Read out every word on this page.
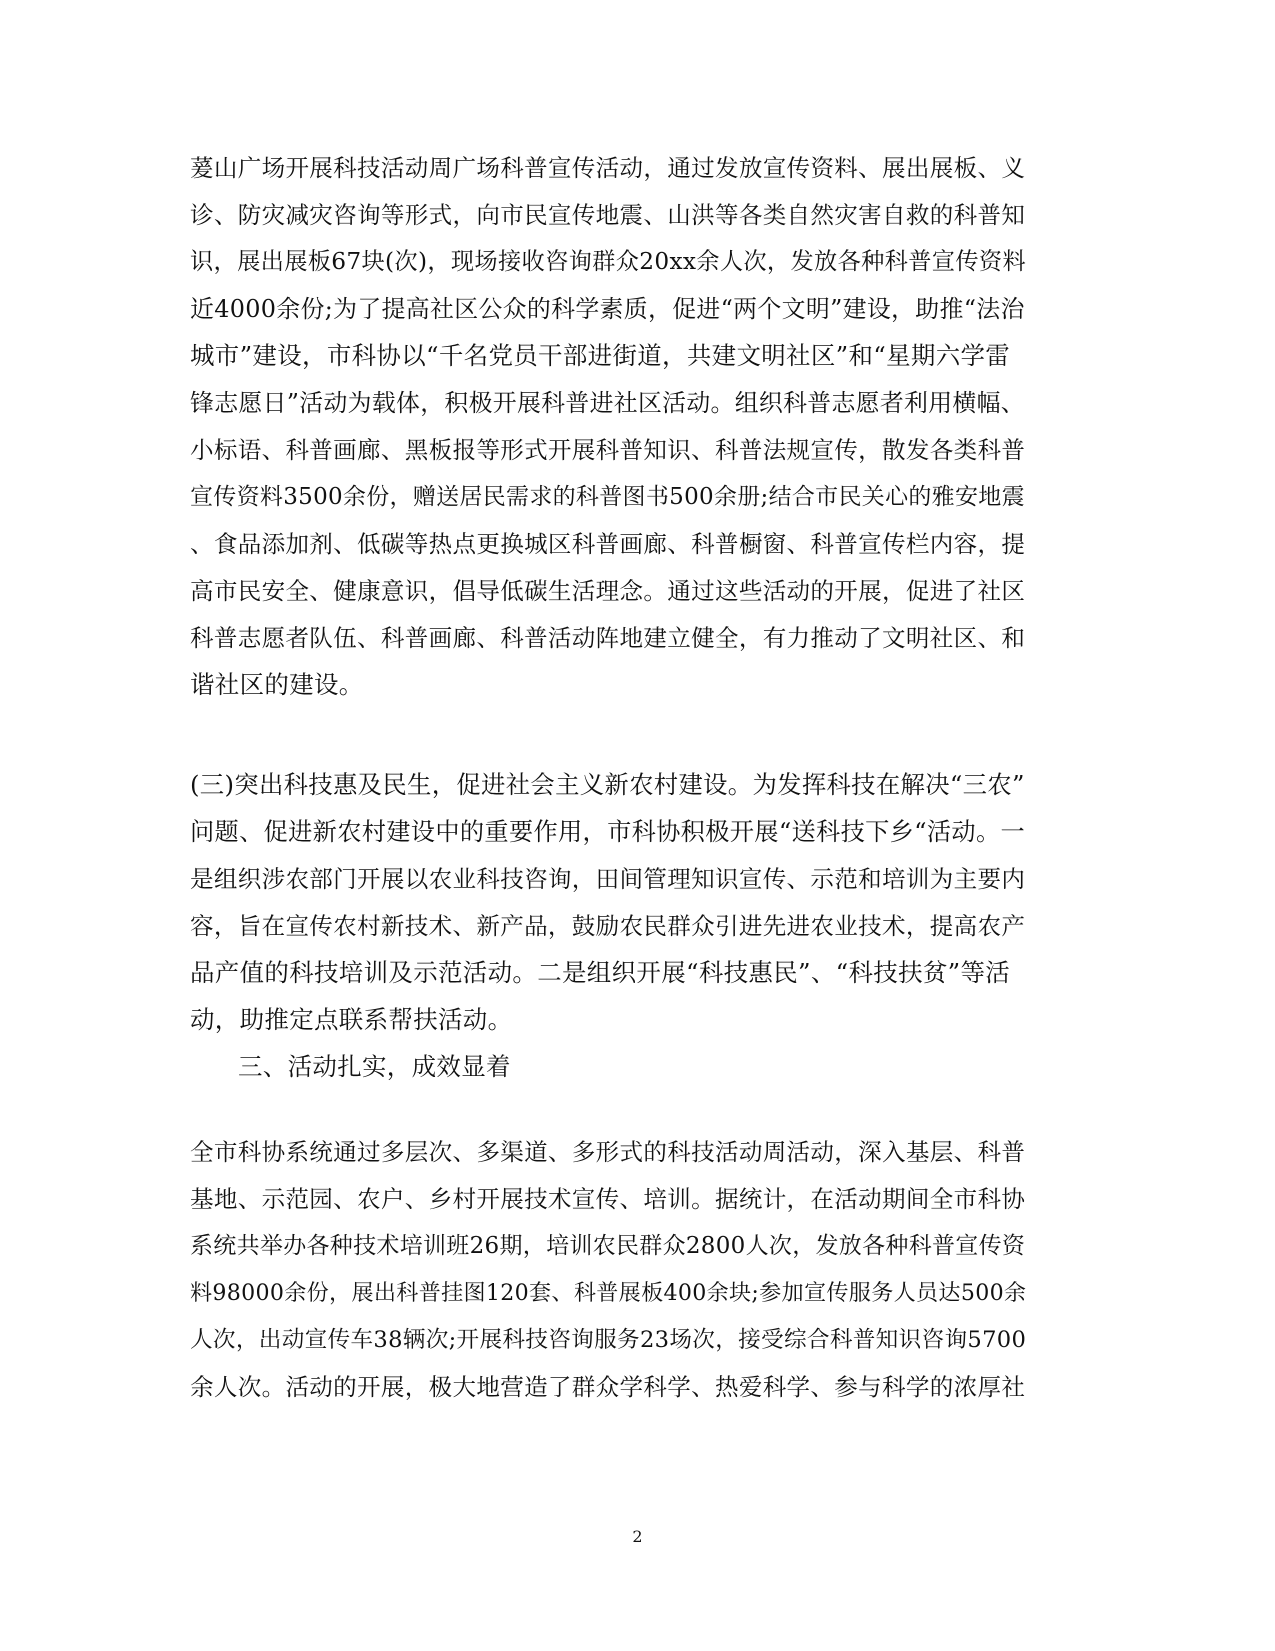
萲山广场开展科技活动周广场科普宣传活动，通过发放宣传资料、展出展板、义
诊、防灾减灾咨询等形式，向市民宣传地震、山洪等各类自然灾害自救的科普知
识，展出展板67块(次)，现场接收咨询群众20xx余人次，发放各种科普宣传资料
近4000余份;为了提高社区公众的科学素质，促进“两个文明”建设，助推“法治
城市”建设，市科协以“千名党员干部进街道，共建文明社区”和“星期六学雷
锋志愿日”活动为载体，积极开展科普进社区活动。组织科普志愿者利用横幅、
小标语、科普画廊、黑板报等形式开展科普知识、科普法规宣传，散发各类科普
宣传资料3500余份，赠送居民需求的科普图书500余册;结合市民关心的雅安地震
、食品添加剂、低碳等热点更换城区科普画廊、科普橱窗、科普宣传栏内容，提
高市民安全、健康意识，倡导低碳生活理念。通过这些活动的开展，促进了社区
科普志愿者队伍、科普画廊、科普活动阵地建立健全，有力推动了文明社区、和
谐社区的建设。
(三)突出科技惠及民生，促进社会主义新农村建设。为发挥科技在解决“三农”
问题、促进新农村建设中的重要作用，市科协积极开展“送科技下乡“活动。一
是组织涉农部门开展以农业科技咨询，田间管理知识宣传、示范和培训为主要内
容，旨在宣传农村新技术、新产品，鼓励农民群众引进先进农业技术，提高农产
品产值的科技培训及示范活动。二是组织开展“科技惠民”、“科技扶贫”等活
动，助推定点联系帮扶活动。
三、活动扎实，成效显着
全市科协系统通过多层次、多渠道、多形式的科技活动周活动，深入基层、科普
基地、示范园、农户、乡村开展技术宣传、培训。据统计，在活动期间全市科协
系统共举办各种技术培训班26期，培训农民群众2800人次，发放各种科普宣传资
料98000余份，展出科普挂图120套、科普展板400余块;参加宣传服务人员达500余
人次，出动宣传车38辆次;开展科技咨询服务23场次，接受综合科普知识咨询5700
余人次。活动的开展，极大地营造了群众学科学、热爱科学、参与科学的浓厚社
2
